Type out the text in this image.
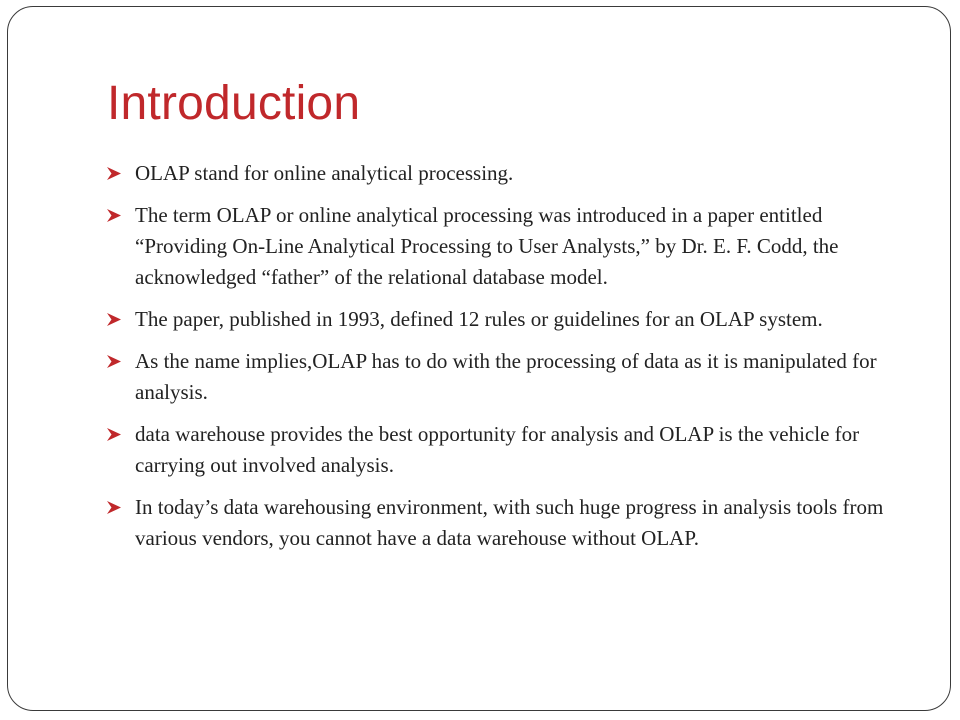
Introduction
OLAP stand for online analytical processing.
The term OLAP or online analytical processing was introduced in a paper entitled “Providing On-Line Analytical Processing to User Analysts,” by Dr. E. F. Codd, the acknowledged “father” of the relational database model.
The paper, published in 1993, defined 12 rules or guidelines for an OLAP system.
As the name implies,OLAP has to do with the processing of data as it is manipulated for analysis.
data warehouse provides the best opportunity for analysis and OLAP is the vehicle for carrying out involved analysis.
In today’s data warehousing environment, with such huge progress in analysis tools from various vendors, you cannot have a data warehouse without OLAP.
